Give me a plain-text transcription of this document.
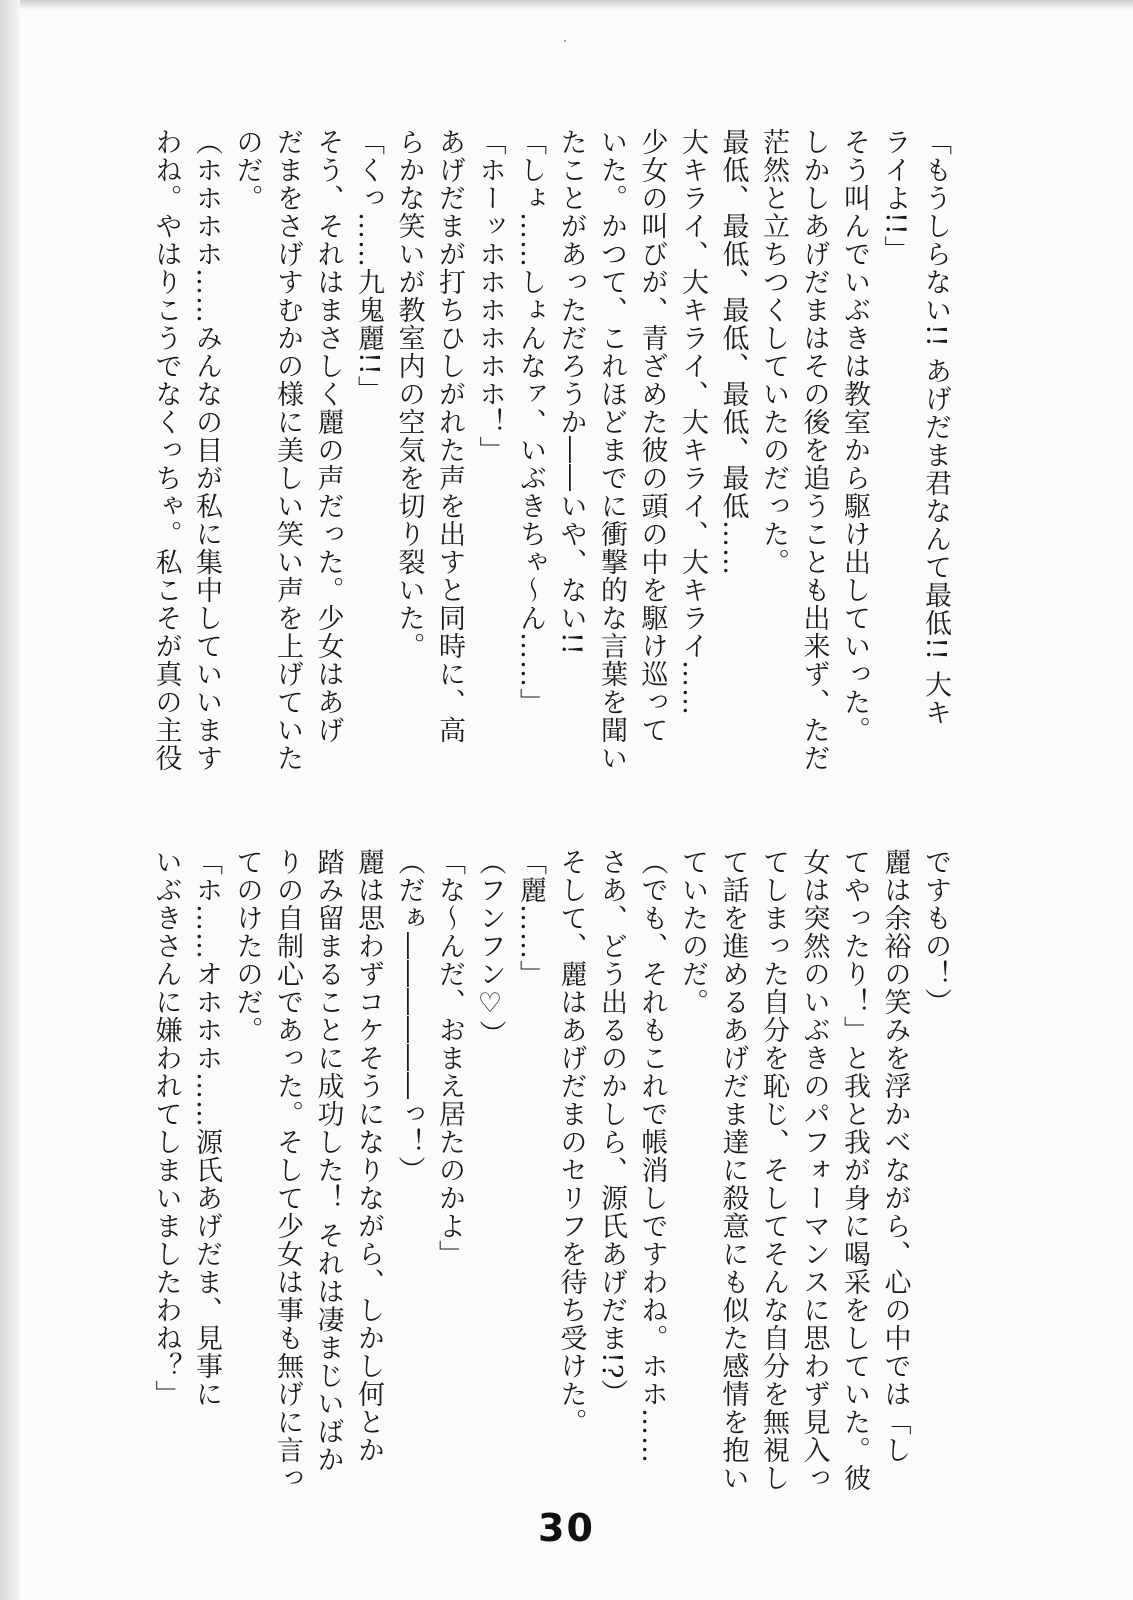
「もうしらない!! あげだま君なんて最低!! 大キ

ライよ!!」

そう叫んでいぶきは教室から駆け出していった。

しかしあげだまはその後を追うことも出来ず、ただ

茫然と立ちつくしていたのだった。

最低、最低、最低、最低、最低……

大キライ、大キライ、大キライ、大キライ……

少女の叫びが、青ざめた彼の頭の中を駆け巡って

いた。かつて、これほどまでに衝撃的な言葉を聞い

たことがあっただろうか――いや、ない!!

「しょ……しょんなァ、いぶきちゃ～ん……」

「ホーッホホホホホホ！」

あげだまが打ちひしがれた声を出すと同時に、高

らかな笑いが教室内の空気を切り裂いた。

「くっ……九鬼麗!!」

そう、それはまさしく麗の声だった。少女はあげ

だまをさげすむかの様に美しい笑い声を上げていた

のだ。

（ホホホホ……みんなの目が私に集中していいます

わね。やはりこうでなくっちゃ。私こそが真の主役

ですもの！）

麗は余裕の笑みを浮かべながら、心の中では「し

てやったり！」と我と我が身に喝采をしていた。彼

女は突然のいぶきのパフォーマンスに思わず見入っ

てしまった自分を恥じ、そしてそんな自分を無視し

て話を進めるあげだま達に殺意にも似た感情を抱い

ていたのだ。

（でも、それもこれで帳消しですわね。ホホ……

さあ、どう出るのかしら、源氏あげだま!?）

そして、麗はあげだまのセリフを待ち受けた。

「麗……」

（フンフン♡）

「な～んだ、おまえ居たのかよ」

（だぁ――――――っ！）

麗は思わずコケそうになりながら、しかし何とか

踏み留まることに成功した！ それは凄まじいばか

りの自制心であった。そして少女は事も無げに言っ

てのけたのだ。

「ホ……オホホホ……源氏あげだま、見事に

いぶきさんに嫌われてしまいましたわね？」

30
